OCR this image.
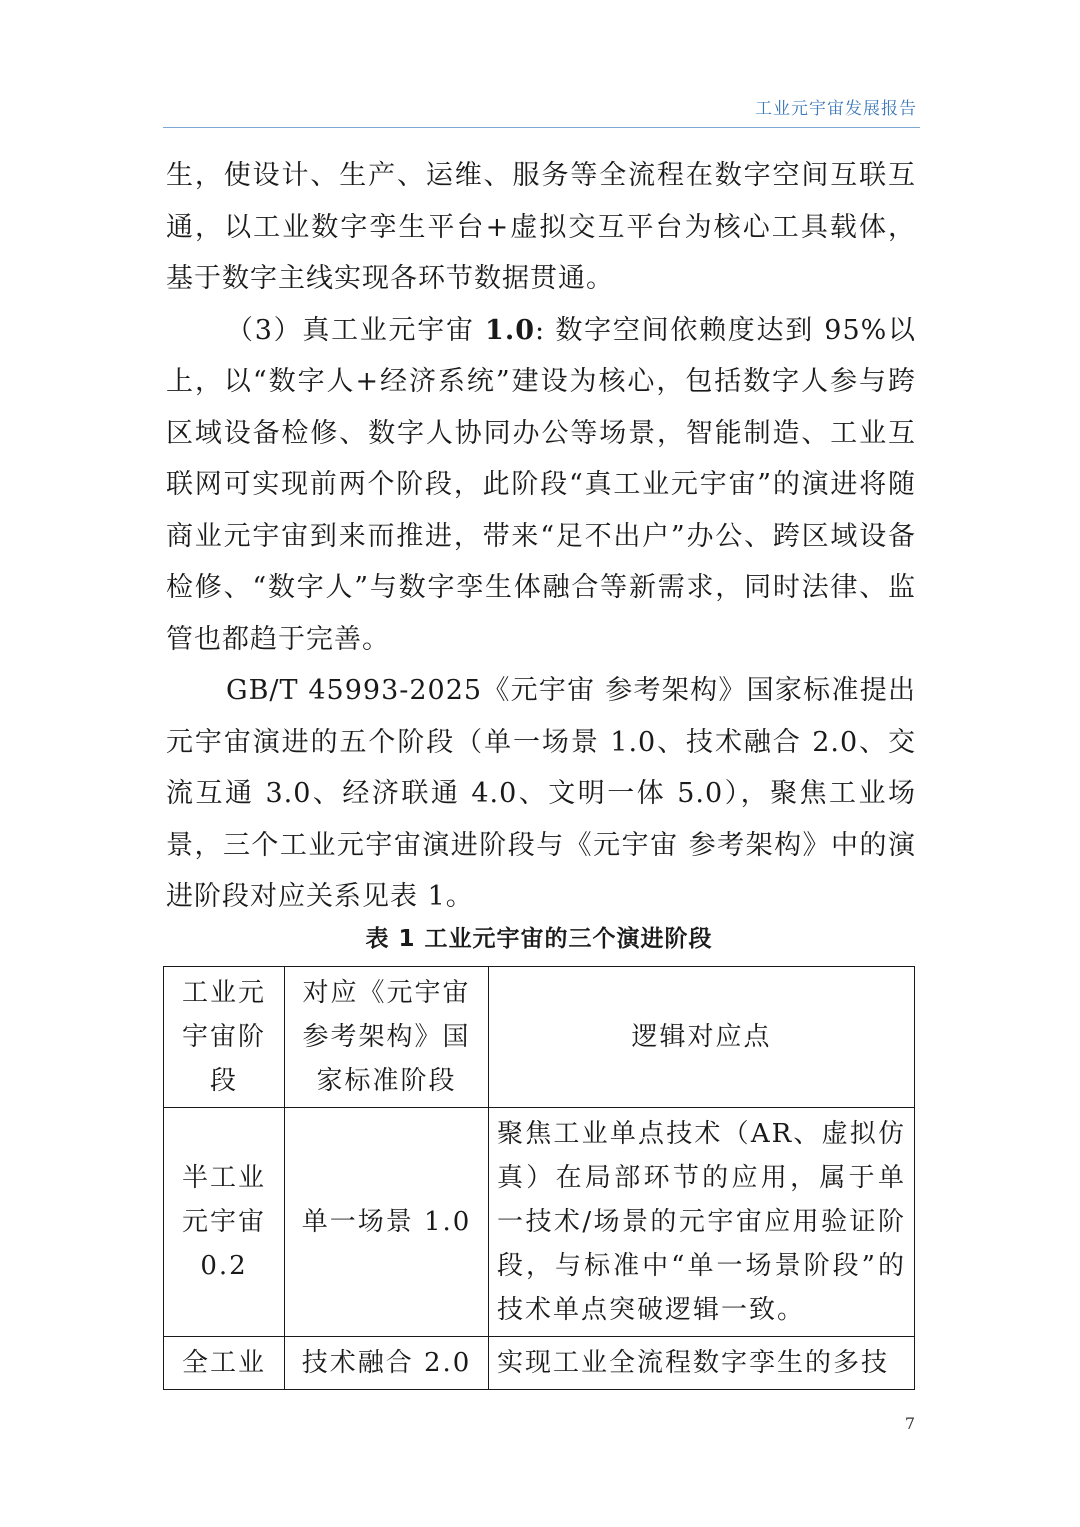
工业元宇宙发展报告

生，使设计、生产、运维、服务等全流程在数字空间互联互通，以工业数字孪生平台+虚拟交互平台为核心工具载体，基于数字主线实现各环节数据贯通。

（3）真工业元宇宙 1.0: 数字空间依赖度达到 95%以上，以“数字人+经济系统”建设为核心，包括数字人参与跨区域设备检修、数字人协同办公等场景，智能制造、工业互联网可实现前两个阶段，此阶段“真工业元宇宙”的演进将随商业元宇宙到来而推进，带来“足不出户”办公、跨区域设备检修、“数字人”与数字孪生体融合等新需求，同时法律、监管也都趋于完善。

GB/T 45993-2025《元宇宙 参考架构》国家标准提出元宇宙演进的五个阶段（单一场景 1.0、技术融合 2.0、交流互通 3.0、经济联通 4.0、文明一体 5.0），聚焦工业场景，三个工业元宇宙演进阶段与《元宇宙 参考架构》中的演进阶段对应关系见表 1。

表 1 工业元宇宙的三个演进阶段
工业元宇宙阶段	对应《元宇宙参考架构》国家标准阶段	逻辑对应点
半工业元宇宙0.2	单一场景 1.0	聚焦工业单点技术（AR、虚拟仿真）在局部环节的应用，属于单一技术/场景的元宇宙应用验证阶段，与标准中“单一场景阶段”的技术单点突破逻辑一致。
全工业	技术融合 2.0	实现工业全流程数字孪生的多技
7
